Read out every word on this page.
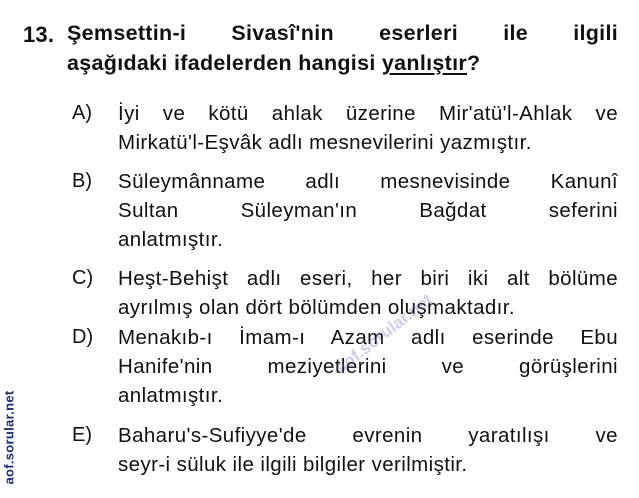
13. Şemsettin-i Sivasî'nin eserleri ile ilgili
aşağıdaki ifadelerden hangisi yanlıştır?
A) İyi ve kötü ahlak üzerine Mir'atü'l-Ahlak ve
Mirkatü'l-Eşvâk adlı mesnevilerini yazmıştır.
B) Süleymânname adlı mesnevisinde Kanunî
Sultan Süleyman'ın Bağdat seferini
anlatmıştır.
C) Heşt-Behişt adlı eseri, her biri iki alt bölüme
ayrılmış olan dört bölümden oluşmaktadır.
D) Menakıb-ı İmam-ı Azam adlı eserinde Ebu
Hanife'nin meziyetlerini ve görüşlerini
anlatmıştır.
E) Baharu's-Sufiyye'de evrenin yaratılışı ve
seyr-i süluk ile ilgili bilgiler verilmiştir.
aof.sorular.net
aof.sorular.net
